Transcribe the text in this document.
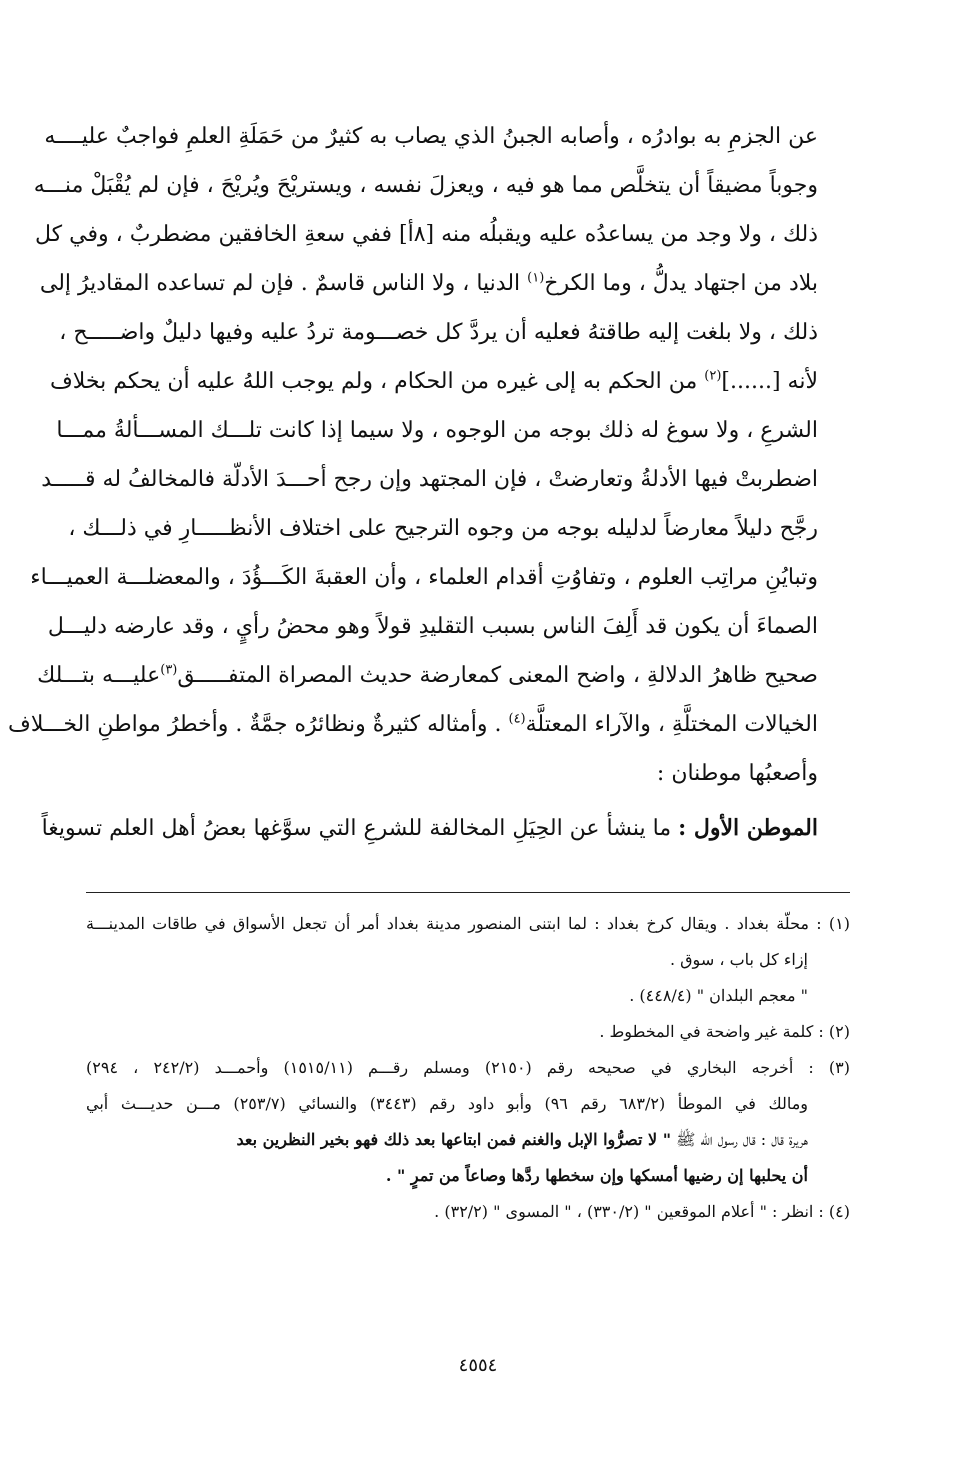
عن الجزمِ به بوادرُه ، وأصابه الجبنُ الذي يصاب به كثيرٌ من حَمَلَةِ العلمِ فواجبٌ عليــــه
وجوباً مضيقاً أن يتخلَّص مما هو فيه ، ويعزلَ نفسه ، ويستريْحَ ويُريْحَ ، فإن لم يُقْبَلْ منـــه
ذلك ، ولا وجد من يساعدُه عليه ويقبلُه منه [٨أ] ففي سعةِ الخافقين مضطربٌ ، وفي كل
بلاد من اجتهاد يدلُّ ، وما الكرخ$^{(١)}$ الدنيا ، ولا الناس قاسمٌ . فإن لم تساعده المقاديرُ إلى
ذلك ، ولا بلغت إليه طاقتهُ فعليه أن يردَّ كل خصـــومة تردُ عليه وفيها دليلٌ واضـــــح ،
لأنه [......]$^{(٢)}$ من الحكم به إلى غيره من الحكام ، ولم يوجب اللهُ عليه أن يحكم بخلاف
الشرعِ ، ولا سوغ له ذلك بوجه من الوجوه ، ولا سيما إذا كانت تلـــك المســـألةُ ممـــا
اضطربتْ فيها الأدلةُ وتعارضتْ ، فإن المجتهد وإن رجح أحـــدَ الأدلّة فالمخالفُ له قـــــد
رجَّح دليلاً معارضاً لدليله بوجه من وجوه الترجيح على اختلاف الأنظـــــارِ في ذلـــك ،
وتبايُنِ مراتِب العلوم ، وتفاوُتِ أقدام العلماء ، وأن العقبةَ الكَـــؤُدَ ، والمعضلـــة العميـــاء
الصماءَ أن يكون قد أَلِفَ الناس بسبب التقليدِ قولاً وهو محضُ رأيٍ ، وقد عارضه دليـــل
صحيح ظاهرُ الدلالةِ ، واضح المعنى كمعارضة حديث المصراة المتفـــــق$^{(٣)}$عليـــه بتـــلك
الخيالات المختلَّةِ ، والآراء المعتلَّة$^{(٤)}$ . وأمثاله كثيرةٌ ونظائرُه جمَّةٌ . وأخطرُ مواطنِ الخـــلاف
وأصعبُها موطنان :
الموطن الأول : ما ينشأ عن الحِيَلِ المخالفة للشرعِ التي سوَّغها بعضُ أهل العلم تسويغاً
(١) : محلّة بغداد . ويقال كرخ بغداد : لما ابتنى المنصور مدينة بغداد أمر أن تجعل الأسواق في طاقات المدينـــة
إزاء كل باب ، سوق .
" معجم البلدان " (٤٤٨/٤) .
(٢) : كلمة غير واضحة في المخطوط .
(٣) : أخرجه البخاري في صحيحه رقم (٢١٥٠) ومسلم رقـــم (١٥١٥/١١) وأحمـــد (٢٤٢/٢ ، ٢٩٤)
ومالك في الموطأ (٦٨٣/٢ رقم ٩٦) وأبو داود رقم (٣٤٤٣) والنسائي (٢٥٣/٧) مـــن حديـــث أبي
هريرة قال : قال رسول الله ﷺ " لا تصرُّوا الإبل والغنم فمن ابتاعها بعد ذلك فهو بخير النظرين بعد
أن يحلبها إن رضيها أمسكها وإن سخطها ردَّها وصاعاً من تمرٍ " .
(٤) : انظر : " أعلام الموقعين " (٣٣٠/٢) ، " المسوى " (٣٢/٢) .
٤٥٥٤
